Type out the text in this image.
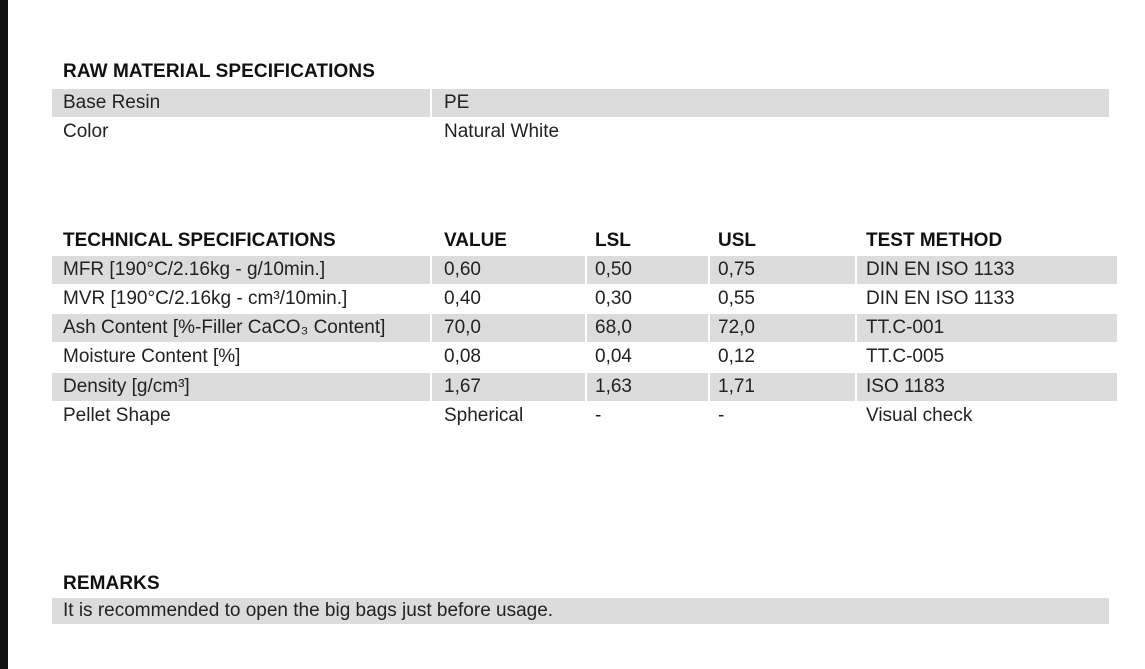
RAW MATERIAL SPECIFICATIONS
Base Resin	PE
Color	Natural White
TECHNICAL SPECIFICATIONS	VALUE	LSL	USL	TEST METHOD
MFR [190°C/2.16kg - g/10min.]	0,60	0,50	0,75	DIN EN ISO 1133
MVR [190°C/2.16kg - cm³/10min.]	0,40	0,30	0,55	DIN EN ISO 1133
Ash Content [%-Filler CaCO₃ Content]	70,0	68,0	72,0	TT.C-001
Moisture Content [%]	0,08	0,04	0,12	TT.C-005
Density [g/cm³]	1,67	1,63	1,71	ISO 1183
Pellet Shape	Spherical	-	-	Visual check
REMARKS
It is recommended to open the big bags just before usage.
